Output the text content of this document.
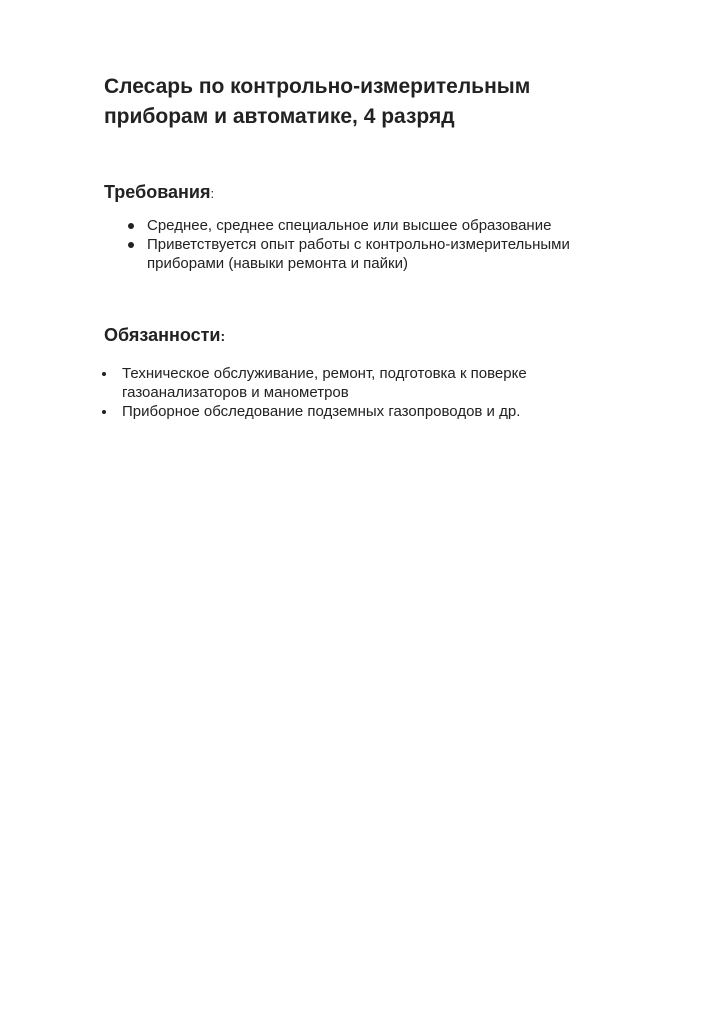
Слесарь по контрольно-измерительным приборам и автоматике, 4 разряд
Требования:
Среднее, среднее специальное или высшее образование
Приветствуется опыт работы с контрольно-измерительными приборами (навыки ремонта и пайки)
Обязанности:
Техническое обслуживание, ремонт, подготовка к поверке газоанализаторов и манометров
Приборное обследование подземных газопроводов и др.
